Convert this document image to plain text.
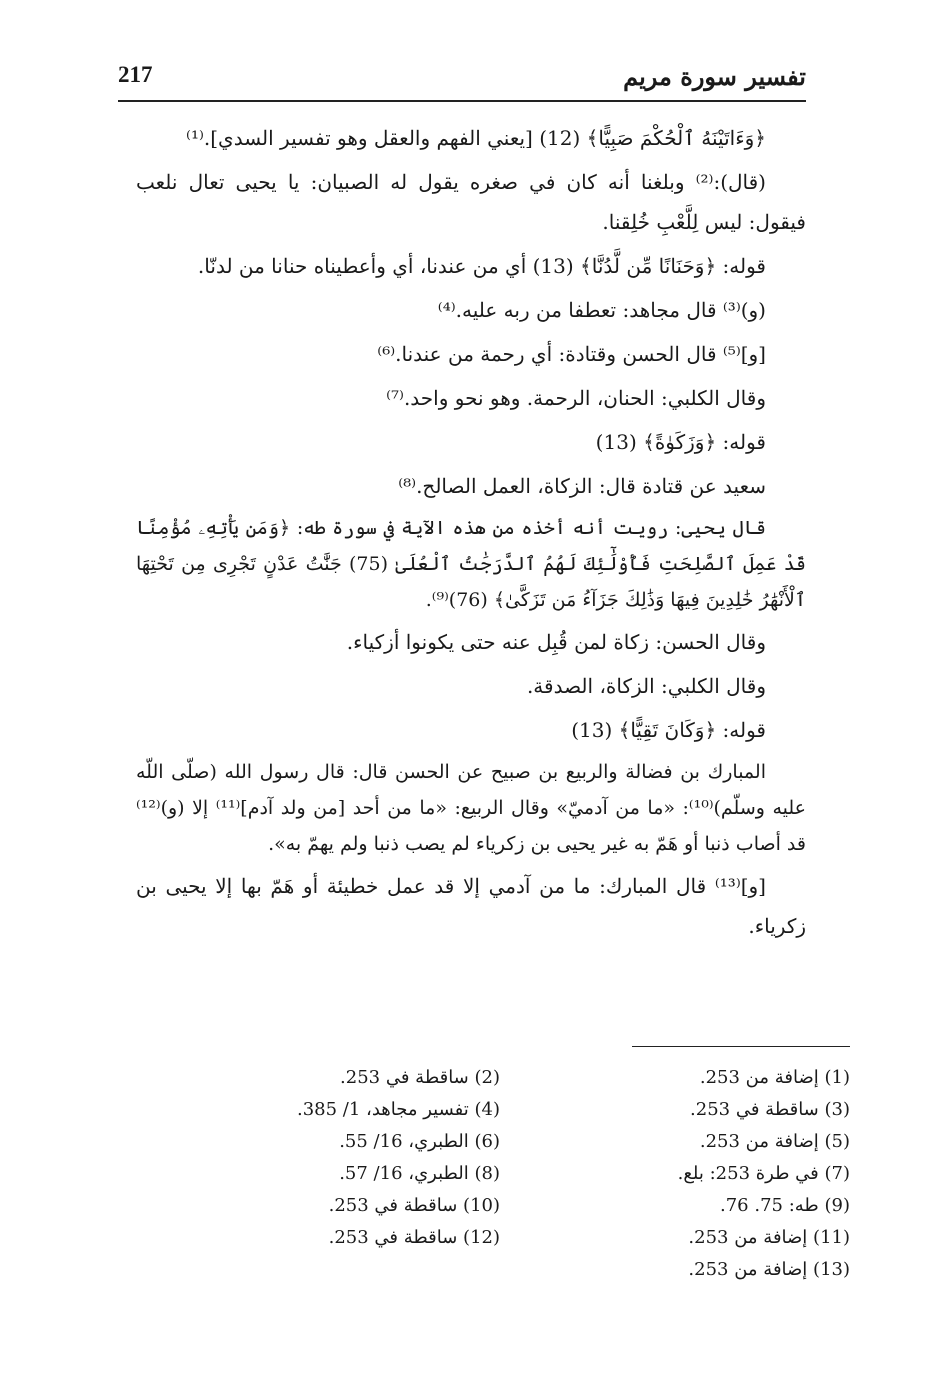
217	تفسير سورة مريم

﴿وَءَاتَيْنَهُ ٱلْحُكْمَ صَبِيًّا﴾ (12) [يعني الفهم والعقل وهو تفسير السدي].⁽¹⁾

(قال):⁽²⁾ وبلغنا أنه كان في صغره يقول له الصبيان: يا يحيى تعال نلعب فيقول: ليس لِلَّعْبِ خُلِقنا.

قوله: ﴿وَحَنَانًا مِّن لَّدُنَّا﴾ (13) أي من عندنا، أي وأعطيناه حنانا من لدنّا.

(و)⁽³⁾ قال مجاهد: تعطفا من ربه عليه.⁽⁴⁾

[و]⁽⁵⁾ قال الحسن وقتادة: أي رحمة من عندنا.⁽⁶⁾

وقال الكلبي: الحنان، الرحمة. وهو نحو واحد.⁽⁷⁾

قوله: ﴿وَزَكَوٰةً﴾ (13)

سعيد عن قتادة قال: الزكاة، العمل الصالح.⁽⁸⁾

قال يحيى: رويت أنه أخذه من هذه الآية في سورة طه: ﴿وَمَن يَأْتِهِۦ مُؤْمِنًا قَدْ عَمِلَ ٱلصَّلِحَتِ فَأُوْلَٰٓئِكَ لَهُمُ ٱلدَّرَجَٰتُ ٱلْعُلَىٰ (75) جَنَّٰتُ عَدْنٍ تَجْرِى مِن تَحْتِهَا ٱلْأَنْهَٰرُ خَٰلِدِينَ فِيهَا وَذَٰلِكَ جَزَآءُ مَن تَزَكَّىٰ﴾ (76)⁽⁹⁾.

وقال الحسن: زكاة لمن قُبِل عنه حتى يكونوا أزكياء.

وقال الكلبي: الزكاة، الصدقة.

قوله: ﴿وَكَانَ تَقِيًّا﴾ (13)

المبارك بن فضالة والربيع بن صبيح عن الحسن قال: قال رسول الله (صلّى اللّه عليه وسلّم)⁽¹⁰⁾: «ما من آدميّ» وقال الربيع: «ما من أحد [من ولد آدم]⁽¹¹⁾ إلا (و)⁽¹²⁾ قد أصاب ذنبا أو هَمّ به غير يحيى بن زكرياء لم يصب ذنبا ولم يهمّ به».

[و]⁽¹³⁾ قال المبارك: ما من آدمي إلا قد عمل خطيئة أو هَمّ بها إلا يحيى بن زكرياء.

(1) إضافة من 253.
(3) ساقطة في 253.
(5) إضافة من 253.
(7) في طرة 253: بلع.
(9) طه: 75. 76.
(11) إضافة من 253.
(13) إضافة من 253.
(2) ساقطة في 253.
(4) تفسير مجاهد، 1/ 385.
(6) الطبري، 16/ 55.
(8) الطبري، 16/ 57.
(10) ساقطة في 253.
(12) ساقطة في 253.
